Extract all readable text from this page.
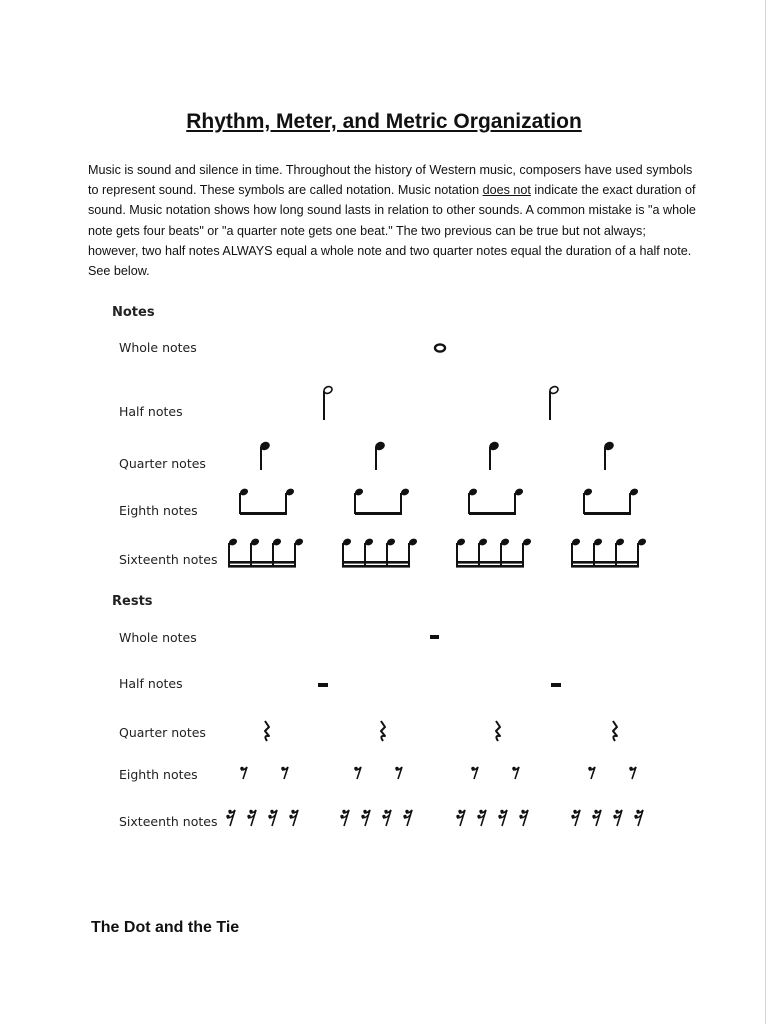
Rhythm, Meter, and Metric Organization

Music is sound and silence in time. Throughout the history of Western music, composers have used symbols to represent sound. These symbols are called notation. Music notation does not indicate the exact duration of sound. Music notation shows how long sound lasts in relation to other sounds. A common mistake is "a whole note gets four beats" or "a quarter note gets one beat." The two previous can be true but not always; however, two half notes ALWAYS equal a whole note and two quarter notes equal the duration of a half note. See below.

Notes
Whole notes
Half notes
Quarter notes
Eighth notes
Sixteenth notes
Rests
Whole notes
Half notes
Quarter notes
Eighth notes
Sixteenth notes
The Dot and the Tie
